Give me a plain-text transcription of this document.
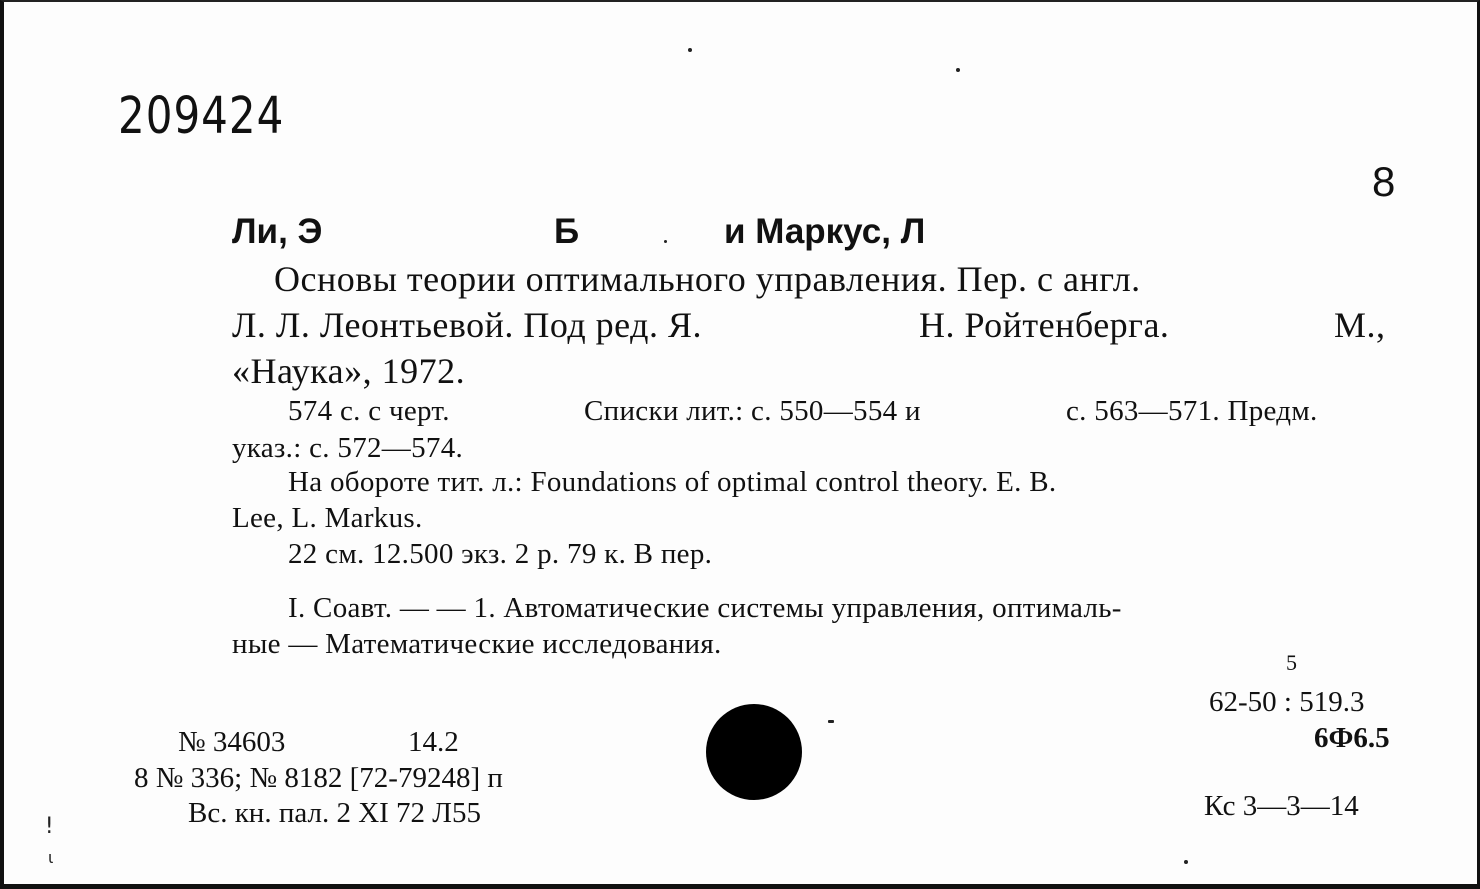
209424
8
Ли, Э	Б	и Маркус, Л
Основы теории оптимального управления. Пер. с англ.
Л. Л. Леонтьевой. Под ред. Я.	Н. Ройтенберга.	М.,
«Наука», 1972.
574 с. с черт.	Списки лит.: с. 550—554 и	с. 563—571. Предм.
указ.: с. 572—574.
На обороте тит. л.: Foundations of optimal control theory. E. B.
Lee, L. Markus.
22 см. 12.500 экз. 2 р. 79 к. В пер.
I. Соавт. — — 1. Автоматические системы управления, оптималь-
ные — Математические исследования.
5
62-50 : 519.3
6Ф6.5
Кс 3—3—14
№ 34603	14.2
8 № 336; № 8182 [72-79248] п
Вс. кн. пал. 2 XI 72 Л55
ǃ
ι
